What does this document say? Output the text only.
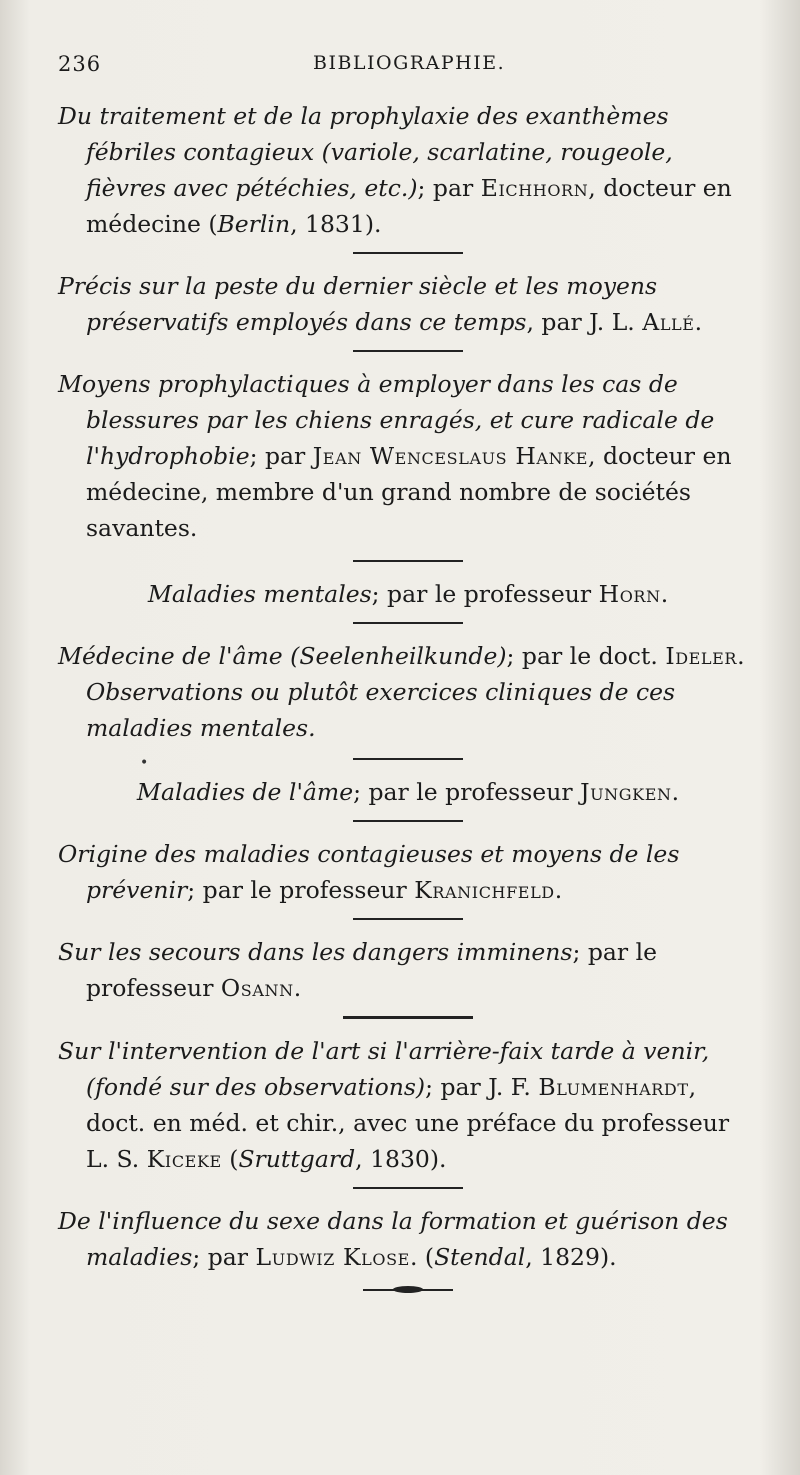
236	BIBLIOGRAPHIE.

Du traitement et de la prophylaxie des exanthèmes fébriles contagieux (variole, scarlatine, rougeole, fièvres avec pétéchies, etc.); par Eichhorn, docteur en médecine (Berlin, 1831).

Précis sur la peste du dernier siècle et les moyens préservatifs employés dans ce temps, par J. L. Allé.

Moyens prophylactiques à employer dans les cas de blessures par les chiens enragés, et cure radicale de l'hydrophobie; par Jean Wenceslaus Hanke, docteur en médecine, membre d'un grand nombre de sociétés savantes.

Maladies mentales; par le professeur Horn.

Médecine de l'âme (Seelenheilkunde); par le doct. Ideler.
Observations ou plutôt exercices cliniques de ces maladies mentales.

•

Maladies de l'âme; par le professeur Jungken.

Origine des maladies contagieuses et moyens de les prévenir; par le professeur Kranichfeld.

Sur les secours dans les dangers imminens; par le professeur Osann.

Sur l'intervention de l'art si l'arrière-faix tarde à venir, (fondé sur des observations); par J. F. Blumenhardt, doct. en méd. et chir., avec une préface du professeur L. S. Kiceke (Sruttgard, 1830).

De l'influence du sexe dans la formation et guérison des maladies; par Ludwiz Klose. (Stendal, 1829).
